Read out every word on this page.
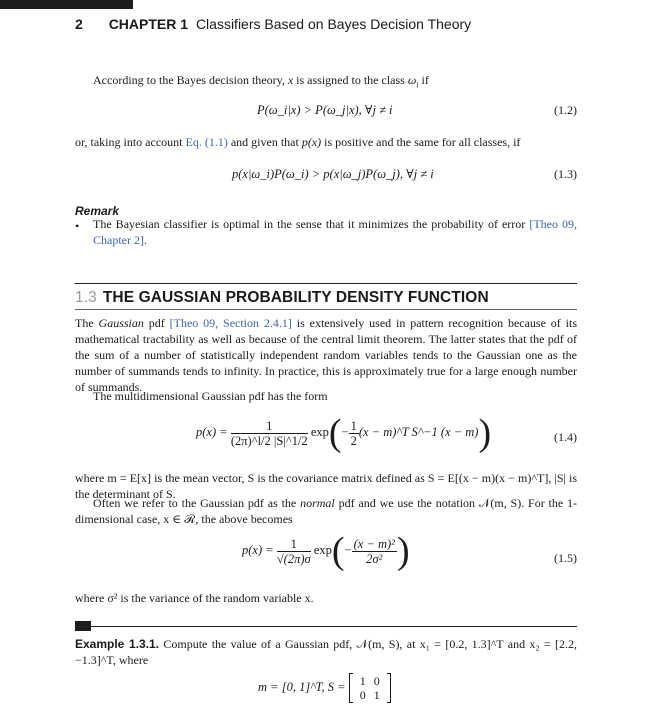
2 CHAPTER 1 Classifiers Based on Bayes Decision Theory

According to the Bayes decision theory, x is assigned to the class $\omega_i$ if

P(ω_i|x) > P(ω_j|x), ∀j ≠ i	(1.2)

or, taking into account Eq. (1.1) and given that p(x) is positive and the same for all classes, if

p(x|ω_i)P(ω_i) > p(x|ω_j)P(ω_j), ∀j ≠ i	(1.3)
Remark
• The Bayesian classifier is optimal in the sense that it minimizes the probability of error [Theo 09, Chapter 2].

1.3 THE GAUSSIAN PROBABILITY DENSITY FUNCTION

The Gaussian pdf [Theo 09, Section 2.4.1] is extensively used in pattern recognition because of its mathematical tractability as well as because of the central limit theorem. The latter states that the pdf of the sum of a number of statistically independent random variables tends to the Gaussian one as the number of summands tends to infinity. In practice, this is approximately true for a large enough number of summands.

The multidimensional Gaussian pdf has the form

$p(x) = \frac{1}{(2\pi)\^{}l/2 |S|\^{}1/2} \exp(- \frac{1}{2} (x$ − m)^T S^−1 (x − m))	(1.4)

where m = E[x] is the mean vector, S is the covariance matrix defined as S = E[(x − m)(x − m)^T], |S| is the determinant of S.

Often we refer to the Gaussian pdf as the normal pdf and we use the notation 𝒩(m, S). For the 1-dimensional case, x ∈ ℛ, the above becomes

$p(x) = \frac{1}{√(2\pi)\sigma} \exp(- \frac{\text{(x − m)²}}{\text{2σ²}}$ )	(1.5)

where σ² is the variance of the random variable x.

Example 1.3.1. Compute the value of a Gaussian pdf, 𝒩(m, S), at x₁ = [0.2, 1.3]^T and x₂ = [2.2, −1.3]^T, where

m = [0, 1]^T, S = 1	0
0	1
